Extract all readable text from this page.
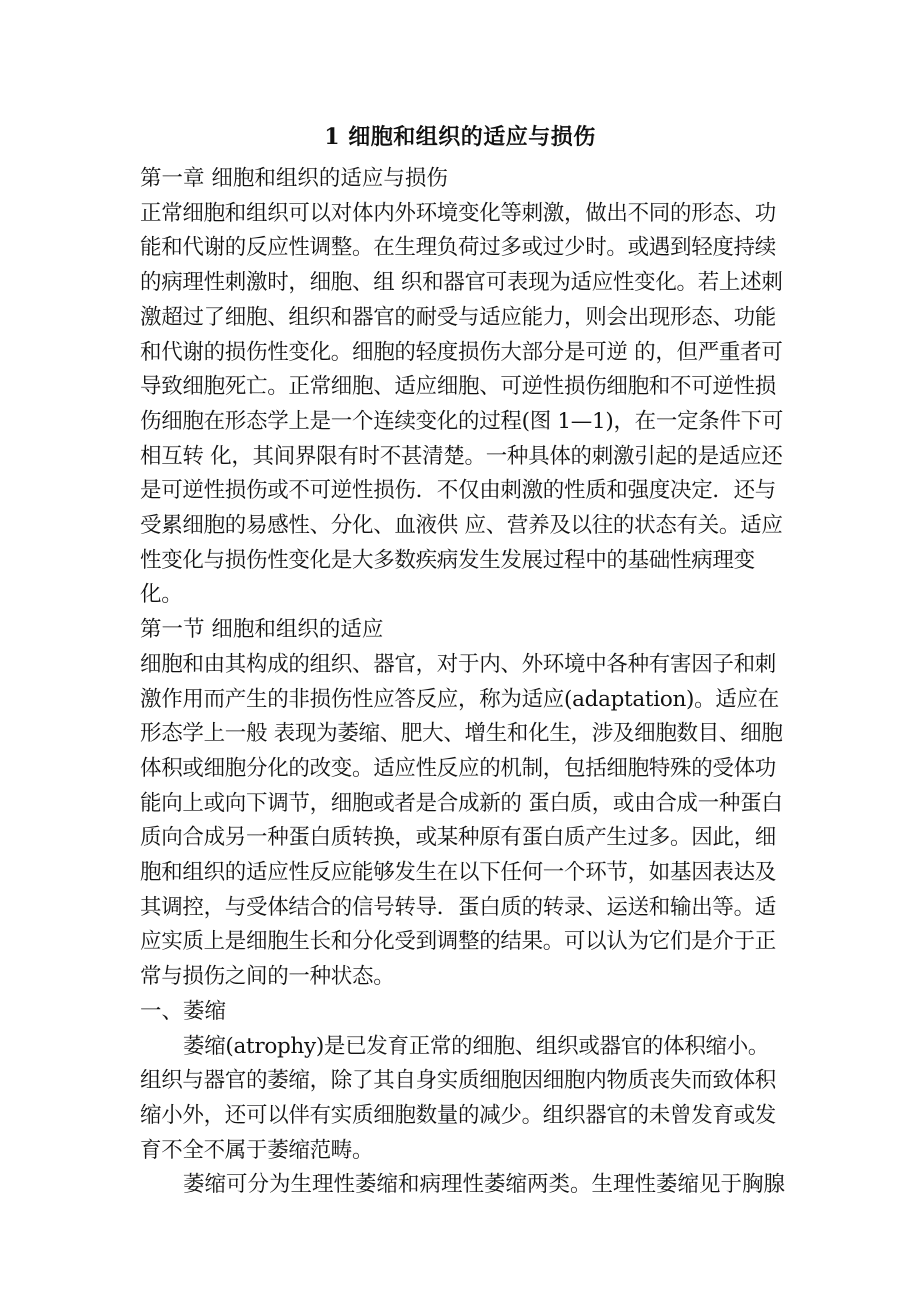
1 细胞和组织的适应与损伤

第一章 细胞和组织的适应与损伤

正常细胞和组织可以对体内外环境变化等刺激，做出不同的形态、功能和代谢的反应性调整。在生理负荷过多或过少时。或遇到轻度持续的病理性刺激时，细胞、组 织和器官可表现为适应性变化。若上述刺激超过了细胞、组织和器官的耐受与适应能力，则会出现形态、功能和代谢的损伤性变化。细胞的轻度损伤大部分是可逆 的，但严重者可导致细胞死亡。正常细胞、适应细胞、可逆性损伤细胞和不可逆性损伤细胞在形态学上是一个连续变化的过程(图 1—1)，在一定条件下可相互转 化，其间界限有时不甚清楚。一种具体的刺激引起的是适应还是可逆性损伤或不可逆性损伤．不仅由刺激的性质和强度决定．还与受累细胞的易感性、分化、血液供 应、营养及以往的状态有关。适应性变化与损伤性变化是大多数疾病发生发展过程中的基础性病理变化。

第一节 细胞和组织的适应

细胞和由其构成的组织、器官，对于内、外环境中各种有害因子和刺激作用而产生的非损伤性应答反应，称为适应(adaptation)。适应在形态学上一般 表现为萎缩、肥大、增生和化生，涉及细胞数目、细胞体积或细胞分化的改变。适应性反应的机制，包括细胞特殊的受体功能向上或向下调节，细胞或者是合成新的 蛋白质，或由合成一种蛋白质向合成另一种蛋白质转换，或某种原有蛋白质产生过多。因此，细胞和组织的适应性反应能够发生在以下任何一个环节，如基因表达及 其调控，与受体结合的信号转导．蛋白质的转录、运送和输出等。适应实质上是细胞生长和分化受到调整的结果。可以认为它们是介于正常与损伤之间的一种状态。

一、萎缩

萎缩(atrophy)是已发育正常的细胞、组织或器官的体积缩小。组织与器官的萎缩，除了其自身实质细胞因细胞内物质丧失而致体积缩小外，还可以伴有实质细胞数量的减少。组织器官的未曾发育或发育不全不属于萎缩范畴。

萎缩可分为生理性萎缩和病理性萎缩两类。生理性萎缩见于胸腺
